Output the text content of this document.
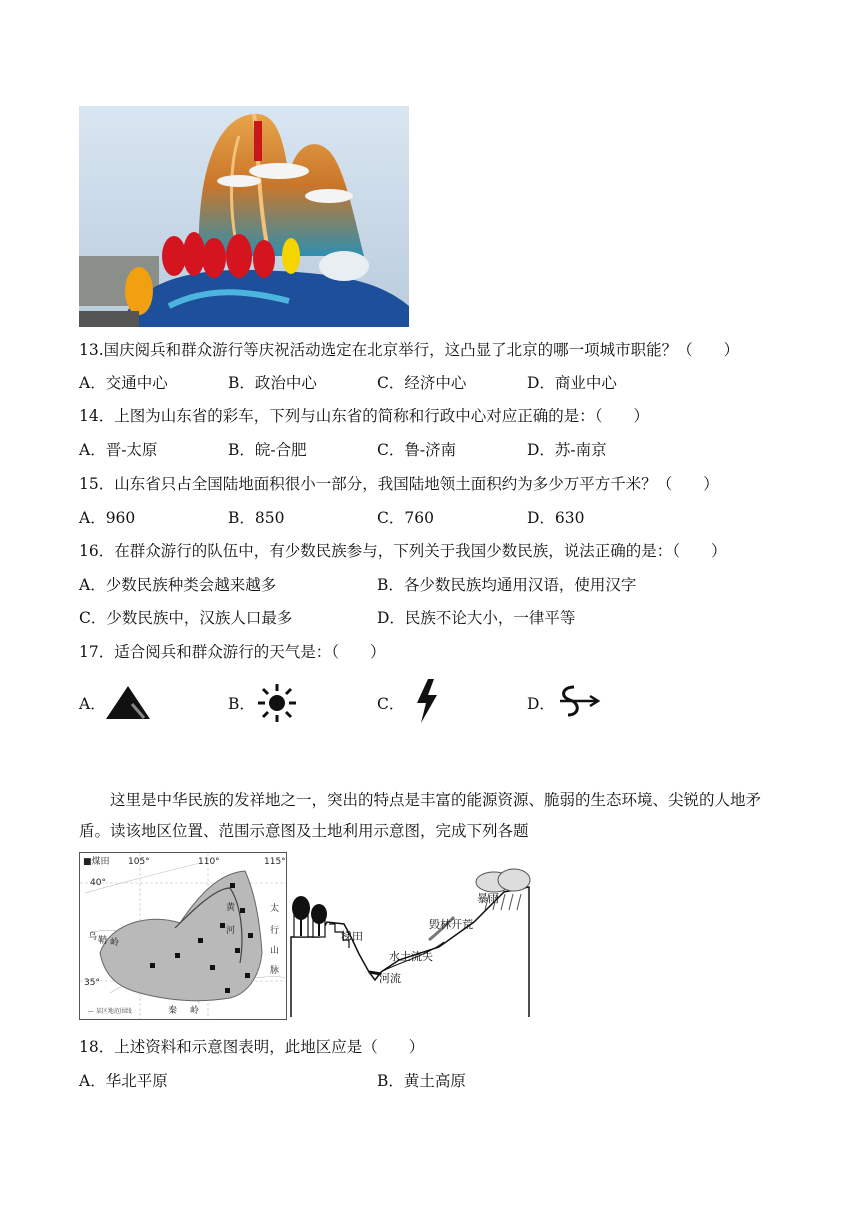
13.国庆阅兵和群众游行等庆祝活动选定在北京举行，这凸显了北京的哪一项城市职能？（　　）
A．交通中心	B．政治中心	C．经济中心	D．商业中心
14．上图为山东省的彩车，下列与山东省的简称和行政中心对应正确的是：（　　）
A．晋-太原	B．皖-合肥	C．鲁-济南	D．苏-南京
15．山东省只占全国陆地面积很小一部分，我国陆地领土面积约为多少万平方千米？（　　）
A．960	B．850	C．760	D．630
16．在群众游行的队伍中，有少数民族参与，下列关于我国少数民族，说法正确的是：（　　）
A．少数民族种类会越来越多	B．各少数民族均通用汉语，使用汉字
C．少数民族中，汉族人口最多	D．民族不论大小，一律平等
17．适合阅兵和群众游行的天气是：（　　）
A．	B．	C．	D．
这里是中华民族的发祥地之一，突出的特点是丰富的能源资源、脆弱的生态环境、尖锐的人地矛盾。读该地区位置、范围示意图及土地利用示意图，完成下列各题
■煤田 105°	110°	115°
40°
35°
乌 鞘 岭
黄
河
太
行
山
脉
秦 岭
— 某区地范围线
暴雨
毁林开荒
梯田
水土流失
河流
18．上述资料和示意图表明，此地区应是（　　）
A．华北平原	B．黄土高原
